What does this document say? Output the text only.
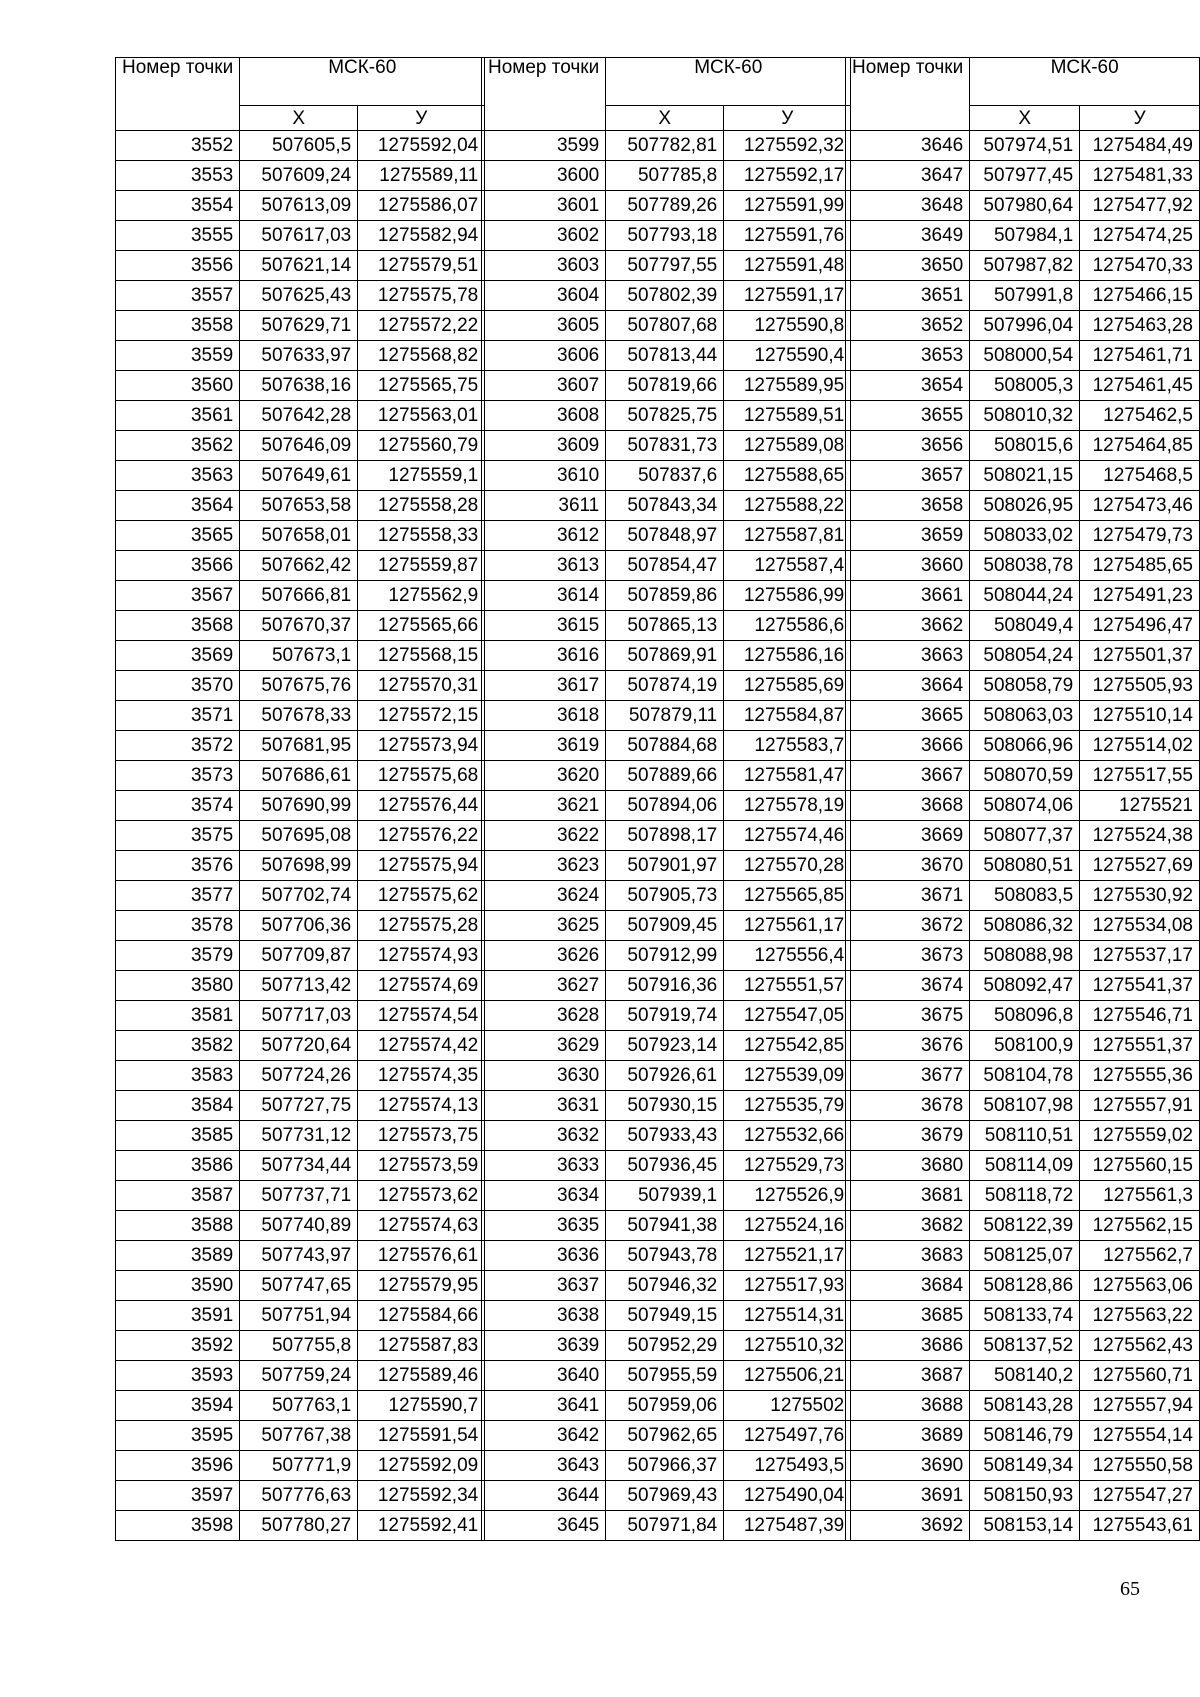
Номер точки	МСК-60	
	Х	У
3552	507605,5	1275592,04
3553	507609,24	1275589,11
3554	507613,09	1275586,07
3555	507617,03	1275582,94
3556	507621,14	1275579,51
3557	507625,43	1275575,78
3558	507629,71	1275572,22
3559	507633,97	1275568,82
3560	507638,16	1275565,75
3561	507642,28	1275563,01
3562	507646,09	1275560,79
3563	507649,61	1275559,1
3564	507653,58	1275558,28
3565	507658,01	1275558,33
3566	507662,42	1275559,87
3567	507666,81	1275562,9
3568	507670,37	1275565,66
3569	507673,1	1275568,15
3570	507675,76	1275570,31
3571	507678,33	1275572,15
3572	507681,95	1275573,94
3573	507686,61	1275575,68
3574	507690,99	1275576,44
3575	507695,08	1275576,22
3576	507698,99	1275575,94
3577	507702,74	1275575,62
3578	507706,36	1275575,28
3579	507709,87	1275574,93
3580	507713,42	1275574,69
3581	507717,03	1275574,54
3582	507720,64	1275574,42
3583	507724,26	1275574,35
3584	507727,75	1275574,13
3585	507731,12	1275573,75
3586	507734,44	1275573,59
3587	507737,71	1275573,62
3588	507740,89	1275574,63
3589	507743,97	1275576,61
3590	507747,65	1275579,95
3591	507751,94	1275584,66
3592	507755,8	1275587,83
3593	507759,24	1275589,46
3594	507763,1	1275590,7
3595	507767,38	1275591,54
3596	507771,9	1275592,09
3597	507776,63	1275592,34
3598	507780,27	1275592,41
Номер точки	МСК-60	
	Х	У
3599	507782,81	1275592,32
3600	507785,8	1275592,17
3601	507789,26	1275591,99
3602	507793,18	1275591,76
3603	507797,55	1275591,48
3604	507802,39	1275591,17
3605	507807,68	1275590,8
3606	507813,44	1275590,4
3607	507819,66	1275589,95
3608	507825,75	1275589,51
3609	507831,73	1275589,08
3610	507837,6	1275588,65
3611	507843,34	1275588,22
3612	507848,97	1275587,81
3613	507854,47	1275587,4
3614	507859,86	1275586,99
3615	507865,13	1275586,6
3616	507869,91	1275586,16
3617	507874,19	1275585,69
3618	507879,11	1275584,87
3619	507884,68	1275583,7
3620	507889,66	1275581,47
3621	507894,06	1275578,19
3622	507898,17	1275574,46
3623	507901,97	1275570,28
3624	507905,73	1275565,85
3625	507909,45	1275561,17
3626	507912,99	1275556,4
3627	507916,36	1275551,57
3628	507919,74	1275547,05
3629	507923,14	1275542,85
3630	507926,61	1275539,09
3631	507930,15	1275535,79
3632	507933,43	1275532,66
3633	507936,45	1275529,73
3634	507939,1	1275526,9
3635	507941,38	1275524,16
3636	507943,78	1275521,17
3637	507946,32	1275517,93
3638	507949,15	1275514,31
3639	507952,29	1275510,32
3640	507955,59	1275506,21
3641	507959,06	1275502
3642	507962,65	1275497,76
3643	507966,37	1275493,5
3644	507969,43	1275490,04
3645	507971,84	1275487,39
Номер точки	МСК-60	
	Х	У
3646	507974,51	1275484,49
3647	507977,45	1275481,33
3648	507980,64	1275477,92
3649	507984,1	1275474,25
3650	507987,82	1275470,33
3651	507991,8	1275466,15
3652	507996,04	1275463,28
3653	508000,54	1275461,71
3654	508005,3	1275461,45
3655	508010,32	1275462,5
3656	508015,6	1275464,85
3657	508021,15	1275468,5
3658	508026,95	1275473,46
3659	508033,02	1275479,73
3660	508038,78	1275485,65
3661	508044,24	1275491,23
3662	508049,4	1275496,47
3663	508054,24	1275501,37
3664	508058,79	1275505,93
3665	508063,03	1275510,14
3666	508066,96	1275514,02
3667	508070,59	1275517,55
3668	508074,06	1275521
3669	508077,37	1275524,38
3670	508080,51	1275527,69
3671	508083,5	1275530,92
3672	508086,32	1275534,08
3673	508088,98	1275537,17
3674	508092,47	1275541,37
3675	508096,8	1275546,71
3676	508100,9	1275551,37
3677	508104,78	1275555,36
3678	508107,98	1275557,91
3679	508110,51	1275559,02
3680	508114,09	1275560,15
3681	508118,72	1275561,3
3682	508122,39	1275562,15
3683	508125,07	1275562,7
3684	508128,86	1275563,06
3685	508133,74	1275563,22
3686	508137,52	1275562,43
3687	508140,2	1275560,71
3688	508143,28	1275557,94
3689	508146,79	1275554,14
3690	508149,34	1275550,58
3691	508150,93	1275547,27
3692	508153,14	1275543,61
65
